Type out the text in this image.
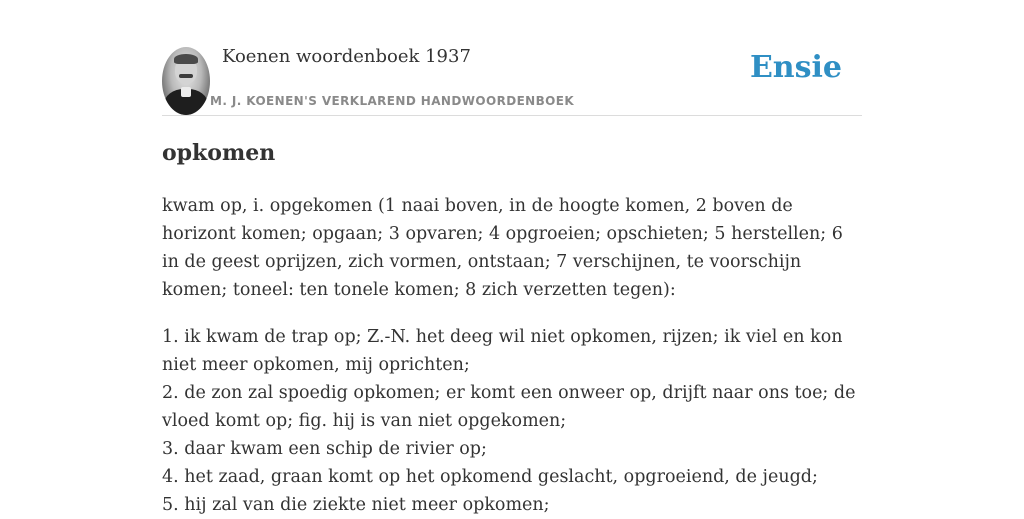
Koenen woordenboek 1937
M. J. KOENEN'S VERKLAREND HANDWOORDENBOEK
Ensie
opkomen

kwam op, i. opgekomen (1 naai boven, in de hoogte komen, 2 boven de horizont komen; opgaan; 3 opvaren; 4 opgroeien; opschieten; 5 herstellen; 6 in de geest oprijzen, zich vormen, ontstaan; 7 verschijnen, te voorschijn komen; toneel: ten tonele komen; 8 zich verzetten tegen):

1. ik kwam de trap op; Z.-N. het deeg wil niet opkomen, rijzen; ik viel en kon niet meer opkomen, mij oprichten;
2. de zon zal spoedig opkomen; er komt een onweer op, drijft naar ons toe; de vloed komt op; fig. hij is van niet opgekomen;
3. daar kwam een schip de rivier op;
4. het zaad, graan komt op het opkomend geslacht, opgroeiend, de jeugd;
5. hij zal van die ziekte niet meer opkomen;
